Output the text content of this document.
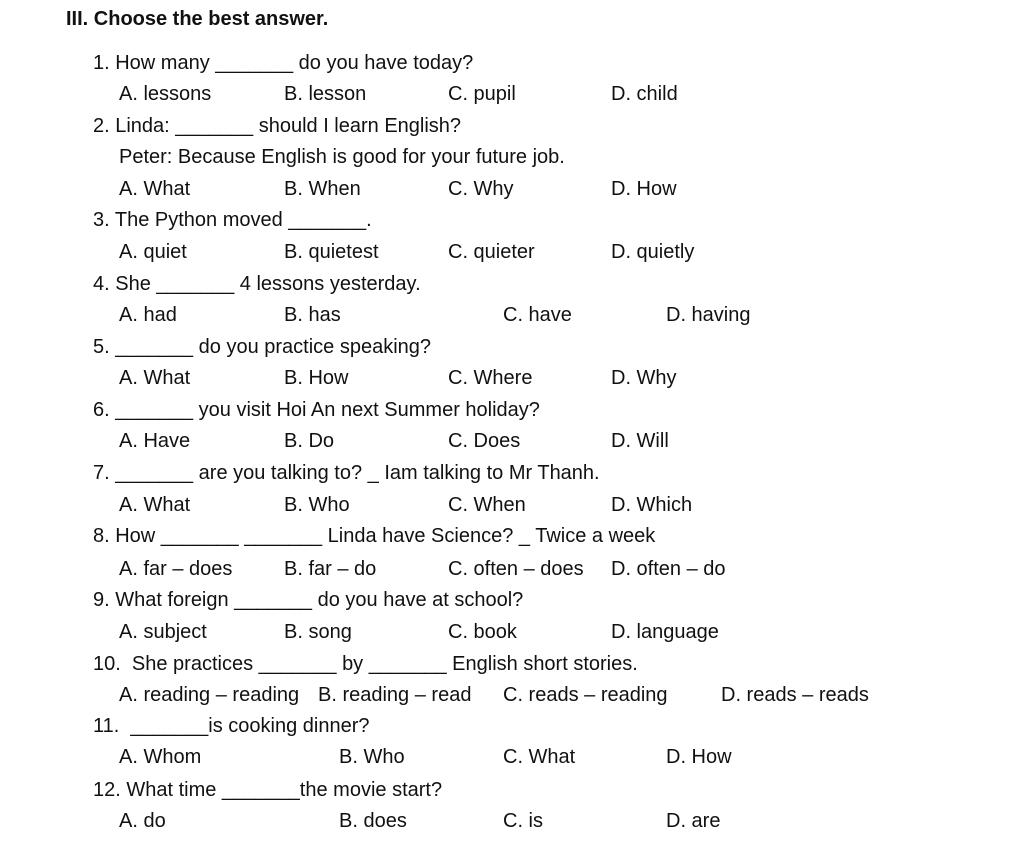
III. Choose the best answer.
1. How many _______ do you have today?
A. lessons	B. lesson	C. pupil	D. child
2. Linda: _______ should I learn English?
Peter: Because English is good for your future job.
A. What	B. When	C. Why	D. How
3. The Python moved _______.
A. quiet	B. quietest	C. quieter	D. quietly
4. She _______ 4 lessons yesterday.
A. had	B. has	C. have	D. having
5. _______ do you practice speaking?
A. What	B. How	C. Where	D. Why
6. _______ you visit Hoi An next Summer holiday?
A. Have	B. Do	C. Does	D. Will
7. _______ are you talking to? _ Iam talking to Mr Thanh.
A. What	B. Who	C. When	D. Which
8. How _______ _______ Linda have Science? _ Twice a week
A. far – does	B. far – do	C. often – does D. often – do
9. What foreign _______ do you have at school?
A. subject	B. song	C. book	D. language
10.  She practices _______ by _______ English short stories.
A. reading – reading B. reading – read C. reads – reading	D. reads – reads
11.  _______is cooking dinner?
A. Whom	B. Who	C. What	D. How
12. What time _______the movie start?
A. do	B. does	C. is	D. are
